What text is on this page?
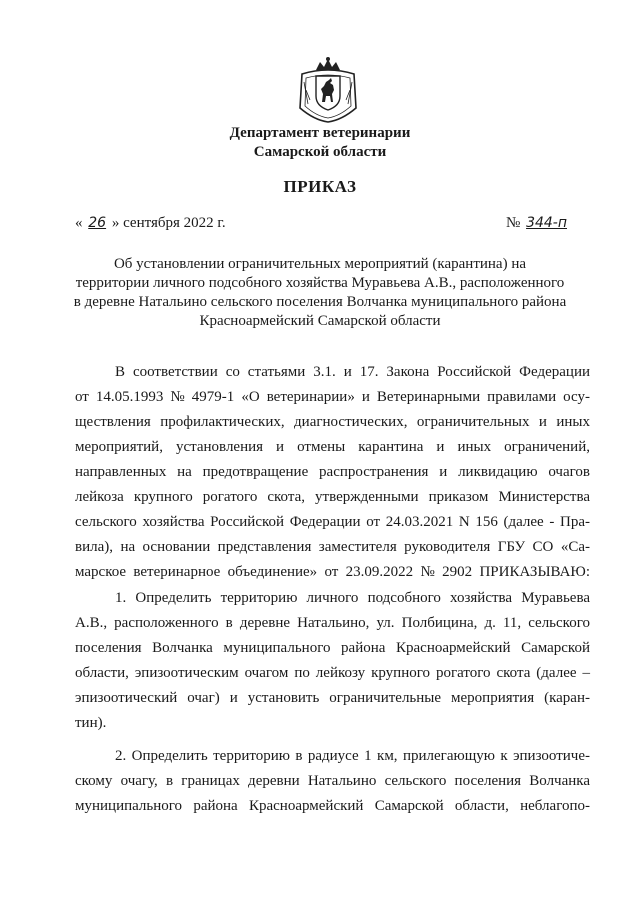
Департамент ветеринарии
Самарской области
ПРИКАЗ
« 26 » сентября 2022 г.	№ 344-п
Об установлении ограничительных мероприятий (карантина) на
территории личного подсобного хозяйства Муравьева А.В., расположенного
в деревне Натальино сельского поселения Волчанка муниципального района
Красноармейский Самарской области
В соответствии со статьями 3.1. и 17. Закона Российской Федерации
от 14.05.1993 № 4979-1 «О ветеринарии» и Ветеринарными правилами осу-
ществления профилактических, диагностических, ограничительных и иных
мероприятий, установления и отмены карантина и иных ограничений,
направленных на предотвращение распространения и ликвидацию очагов
лейкоза крупного рогатого скота, утвержденными приказом Министерства
сельского хозяйства Российской Федерации от 24.03.2021 N 156 (далее - Пра-
вила), на основании представления заместителя руководителя ГБУ СО «Са-
марское ветеринарное объединение» от 23.09.2022 № 2902 ПРИКАЗЫВАЮ:
1. Определить территорию личного подсобного хозяйства Муравьева
А.В., расположенного в деревне Натальино, ул. Полбицина, д. 11, сельского
поселения Волчанка муниципального района Красноармейский Самарской
области, эпизоотическим очагом по лейкозу крупного рогатого скота (далее –
эпизоотический очаг) и установить ограничительные мероприятия (каран-
тин).
2. Определить территорию в радиусе 1 км, прилегающую к эпизоотиче-
скому очагу, в границах деревни Натальино сельского поселения Волчанка
муниципального района Красноармейский Самарской области, неблагопо-
